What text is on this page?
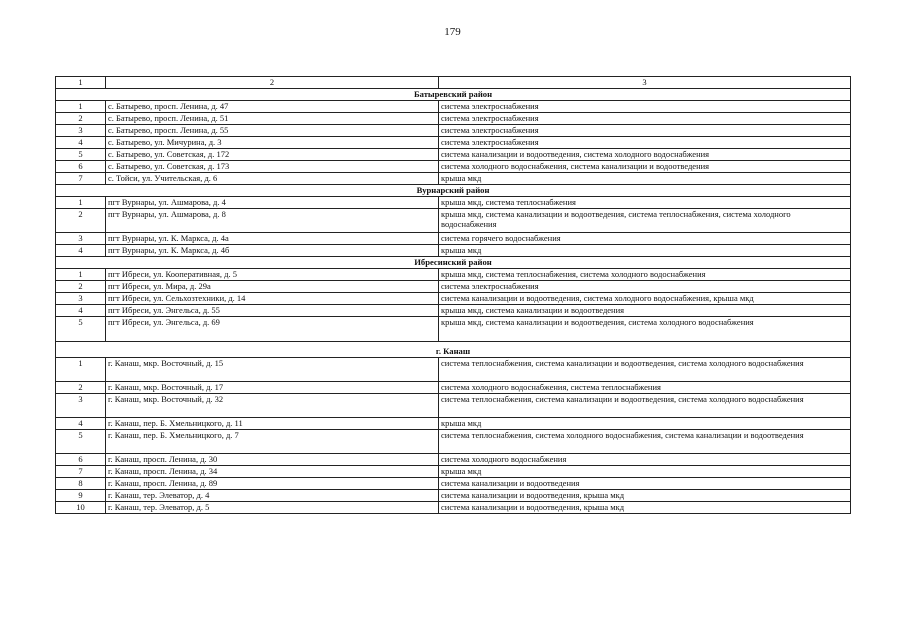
179
1	2	3
Батыревский район		
1	с. Батырево, просп. Ленина, д. 47	система электроснабжения
2	с. Батырево, просп. Ленина, д. 51	система электроснабжения
3	с. Батырево, просп. Ленина, д. 55	система электроснабжения
4	с. Батырево, ул. Мичурина, д. 3	система электроснабжения
5	с. Батырево, ул. Советская, д. 172	система канализации и водоотведения, система холодного водоснабжения
6	с. Батырево, ул. Советская, д. 173	система холодного водоснабжения, система канализации и водоотведения
7	с. Тойси, ул. Учительская, д. 6	крыша мкд
Вурнарский район		
1	пгт Вурнары, ул. Ашмарова, д. 4	крыша мкд, система теплоснабжения
2	пгт Вурнары, ул. Ашмарова, д. 8	крыша мкд, система канализации и водоотведения, система теплоснабжения, система холодного водоснабжения
3	пгт Вурнары, ул. К. Маркса, д. 4а	система горячего водоснабжения
4	пгт Вурнары, ул. К. Маркса, д. 4б	крыша мкд
Ибресинский район		
1	пгт Ибреси, ул. Кооперативная, д. 5	крыша мкд, система теплоснабжения, система холодного водоснабжения
2	пгт Ибреси, ул. Мира, д. 29а	система электроснабжения
3	пгт Ибреси, ул. Сельхозтехники, д. 14	система канализации и водоотведения, система холодного водоснабжения, крыша мкд
4	пгт Ибреси, ул. Энгельса, д. 55	крыша мкд, система канализации и водоотведения
5	пгт Ибреси, ул. Энгельса, д. 69	крыша мкд, система канализации и водоотведения, система холодного водоснабжения
г. Канаш		
1	г. Канаш, мкр. Восточный, д. 15	система теплоснабжения, система канализации и водоотведения, система холодного водоснабжения
2	г. Канаш, мкр. Восточный, д. 17	система холодного водоснабжения, система теплоснабжения
3	г. Канаш, мкр. Восточный, д. 32	система теплоснабжения, система канализации и водоотведения, система холодного водоснабжения
4	г. Канаш, пер. Б. Хмельницкого, д. 11	крыша мкд
5	г. Канаш, пер. Б. Хмельницкого, д. 7	система теплоснабжения, система холодного водоснабжения, система канализации и водоотведения
6	г. Канаш, просп. Ленина, д. 30	система холодного водоснабжения
7	г. Канаш, просп. Ленина, д. 34	крыша мкд
8	г. Канаш, просп. Ленина, д. 89	система канализации и водоотведения
9	г. Канаш, тер. Элеватор, д. 4	система канализации и водоотведения, крыша мкд
10	г. Канаш, тер. Элеватор, д. 5	система канализации и водоотведения, крыша мкд
